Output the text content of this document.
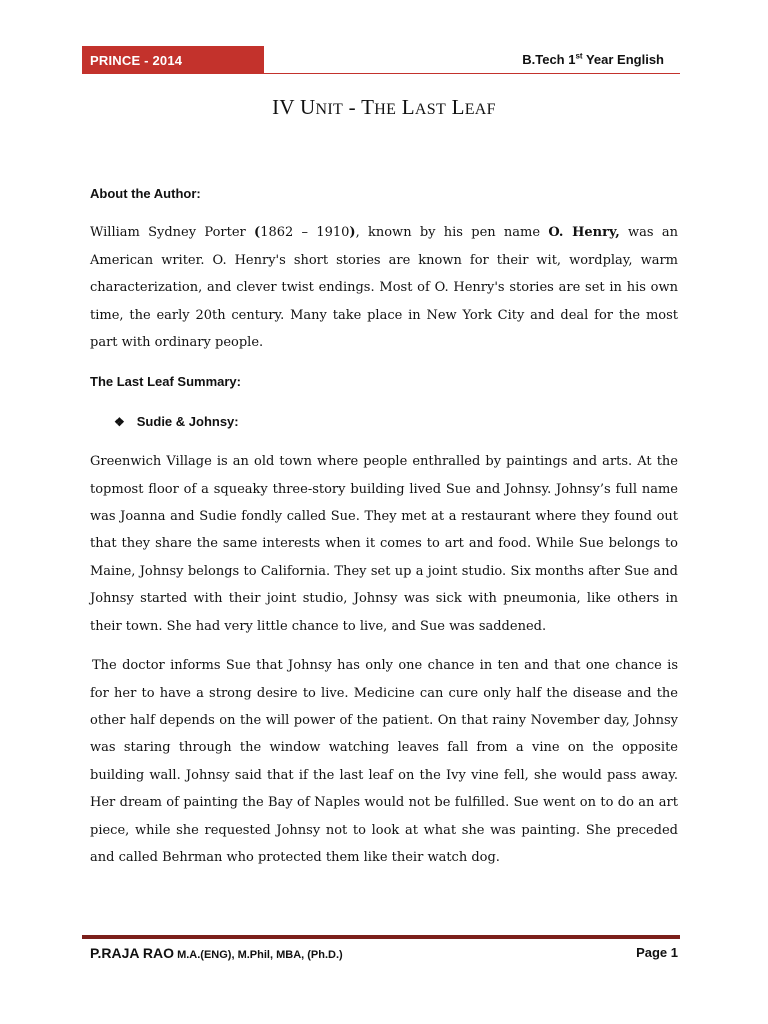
PRINCE - 2014	B.Tech 1st Year English
IV UNIT - THE LAST LEAF

About the Author:

William Sydney Porter (1862 – 1910), known by his pen name O. Henry, was an American writer. O. Henry's short stories are known for their wit, wordplay, warm characterization, and clever twist endings. Most of O. Henry's stories are set in his own time, the early 20th century. Many take place in New York City and deal for the most part with ordinary people.

The Last Leaf Summary:

❖ Sudie & Johnsy:

Greenwich Village is an old town where people enthralled by paintings and arts. At the topmost floor of a squeaky three-story building lived Sue and Johnsy. Johnsy’s full name was Joanna and Sudie fondly called Sue. They met at a restaurant where they found out that they share the same interests when it comes to art and food. While Sue belongs to Maine, Johnsy belongs to California. They set up a joint studio. Six months after Sue and Johnsy started with their joint studio, Johnsy was sick with pneumonia, like others in their town. She had very little chance to live, and Sue was saddened.

The doctor informs Sue that Johnsy has only one chance in ten and that one chance is for her to have a strong desire to live. Medicine can cure only half the disease and the other half depends on the will power of the patient. On that rainy November day, Johnsy was staring through the window watching leaves fall from a vine on the opposite building wall. Johnsy said that if the last leaf on the Ivy vine fell, she would pass away. Her dream of painting the Bay of Naples would not be fulfilled. Sue went on to do an art piece, while she requested Johnsy not to look at what she was painting. She preceded and called Behrman who protected them like their watch dog.

P.RAJA RAO M.A.(ENG), M.Phil, MBA, (Ph.D.)	Page 1
